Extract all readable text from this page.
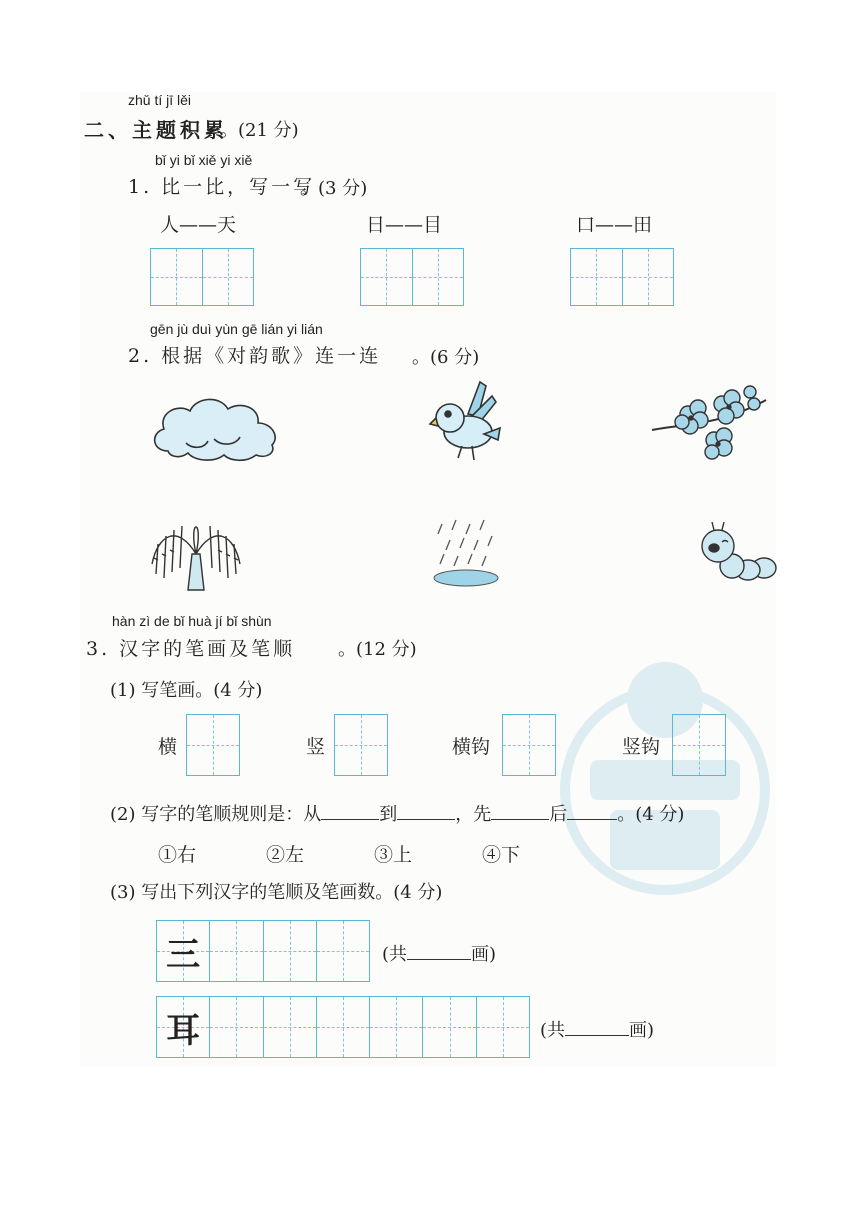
zhǔ tí jī lěi
二、主题积累
。(21 分)
bǐ yi bǐ xiě yi xiě
1. 比一比，写一写
。(3 分)
人——天	日——目	口——田
gēn jù duì yùn gē lián yi lián
2. 根据《对韵歌》连一连 。(6 分)
hàn zì de bǐ huà jí bǐ shùn
3. 汉字的笔画及笔顺 。(12 分)
(1) 写笔画。(4 分)
横	竖	横钩	竖钩
(2) 写字的笔顺规则是：从	到	，先	后	。(4 分)
①右	②左	③上	④下
(3) 写出下列汉字的笔顺及笔画数。(4 分)
三	(共	画)
耳	(共	画)
